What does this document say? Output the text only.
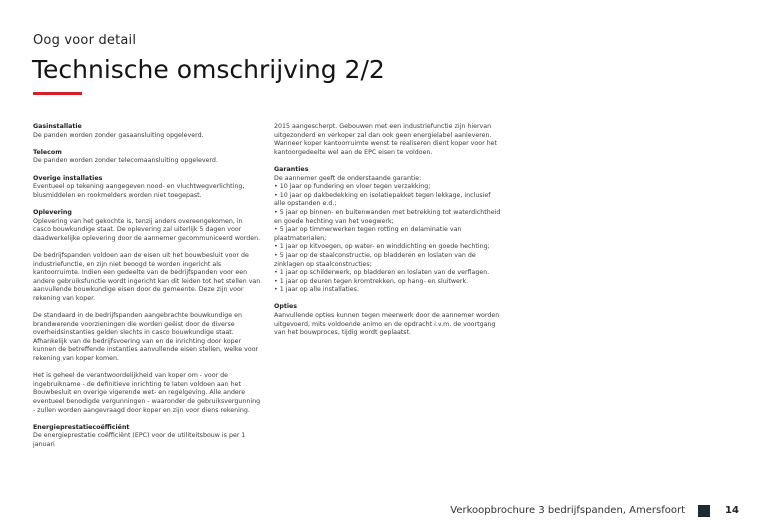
Oog voor detail
Technische omschrijving 2/2
Gasinstallatie

De panden worden zonder gasaansluiting opgeleverd.

Telecom

De panden worden zonder telecomaansluiting opgeleverd.

Overige installaties

Eventueel op tekening aangegeven nood- en vluchtwegverlichting, blusmiddelen en rookmelders worden niet toegepast.

Oplevering

Oplevering van het gekochte is, tenzij anders overeengekomen, in casco bouwkundige staat. De oplevering zal uiterlijk 5 dagen voor daadwerkelijke oplevering door de aannemer gecommuniceerd worden.

De bedrijfspanden voldoen aan de eisen uit het bouwbesluit voor de industriefunctie, en zijn niet beoogd te worden ingericht als kantoorruimte. Indien een gedeelte van de bedrijfspanden voor een andere gebruiksfunctie wordt ingericht kan dit leiden tot het stellen van aanvullende bouwkundige eisen door de gemeente. Deze zijn voor rekening van koper.

De standaard in de bedrijfspanden aangebrachte bouwkundige en brandwerende voorzieningen die worden geëist door de diverse overheidsinstanties gelden slechts in casco bouwkundige staat. Afhankelijk van de bedrijfsvoering van en de inrichting door koper kunnen de betreffende instanties aanvullende eisen stellen, welke voor rekening van koper komen.

Het is geheel de verantwoordelijkheid van koper om - voor de ingebruikname - de definitieve inrichting te laten voldoen aan het Bouwbesluit en overige vigerende wet- en regelgeving. Alle andere eventueel benodigde vergunningen - waaronder de gebruiksvergunning - zullen worden aangevraagd door koper en zijn voor diens rekening.

Energieprestatiecoëfficiënt

De energieprestatie coëfficiënt (EPC) voor de utiliteitsbouw is per 1 januari

2015 aangescherpt. Gebouwen met een industriefunctie zijn hiervan uitgezonderd en verkoper zal dan ook geen energielabel aanleveren. Wanneer koper kantoorruimte wenst te realiseren dient koper voor het kantoorgedeelte wel aan de EPC eisen te voldoen.

Garanties
De aannemer geeft de onderstaande garantie:
• 10 jaar op fundering en vloer tegen verzakking;
• 10 jaar op dakbedekking en isolatiepakket tegen lekkage, inclusief alle opstanden e.d.;
• 5 jaar op binnen- en buitenwanden met betrekking tot waterdichtheid en goede hechting van het voegwerk;
• 5 jaar op timmerwerken tegen rotting en delaminatie van plaatmaterialen;
• 1 jaar op kitvoegen, op water- en winddichting en goede hechting;
• 5 jaar op de staalconstructie, op bladderen en loslaten van de zinklagen op staalconstructies;
• 1 jaar op schilderwerk, op bladderen en loslaten van de verflagen.
• 1 jaar op deuren tegen kromtrekken, op hang- en sluitwerk.
• 1 jaar op alle installaties.
Opties

Aanvullende opties kunnen tegen meerwerk door de aannemer worden uitgevoerd, mits voldoende animo en de opdracht i.v.m. de voortgang van het bouwproces, tijdig wordt geplaatst.

Verkoopbrochure 3 bedrijfspanden, Amersfoort	14
